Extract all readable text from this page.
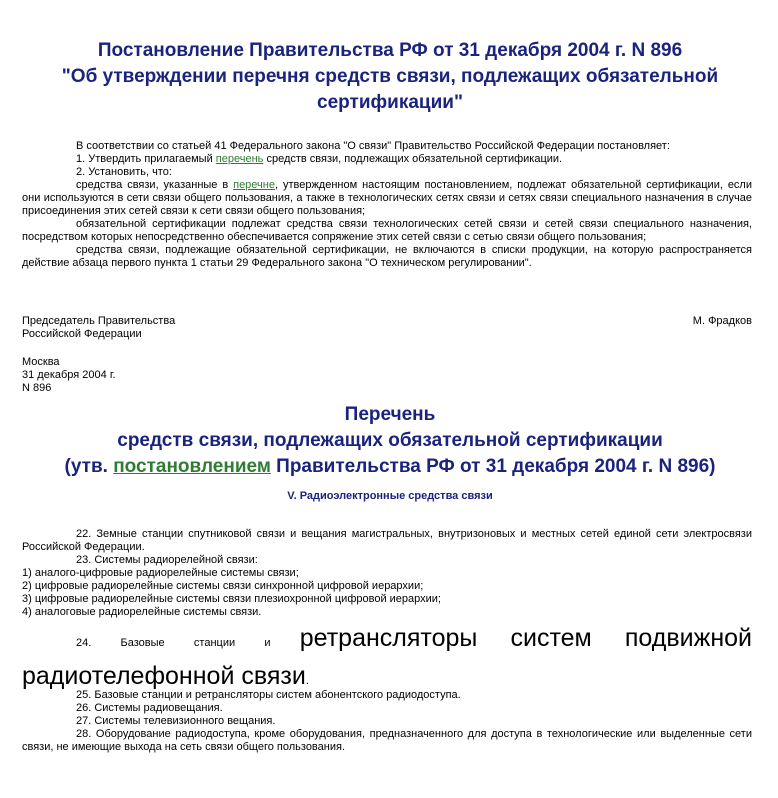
Постановление Правительства РФ от 31 декабря 2004 г. N 896
"Об утверждении перечня средств связи, подлежащих обязательной
сертификации"

В соответствии со статьей 41 Федерального закона "О связи" Правительство Российской Федерации постановляет:

1. Утвердить прилагаемый перечень средств связи, подлежащих обязательной сертификации.

2. Установить, что:

средства связи, указанные в перечне, утвержденном настоящим постановлением, подлежат обязательной сертификации, если они используются в сети связи общего пользования, а также в технологических сетях связи и сетях связи специального назначения в случае присоединения этих сетей связи к сети связи общего пользования;

обязательной сертификации подлежат средства связи технологических сетей связи и сетей связи специального назначения, посредством которых непосредственно обеспечивается сопряжение этих сетей связи с сетью связи общего пользования;

средства связи, подлежащие обязательной сертификации, не включаются в списки продукции, на которую распространяется действие абзаца первого пункта 1 статьи 29 Федерального закона "О техническом регулировании".

Председатель Правительства
Российской Федерации
М. Фрадков
Москва
31 декабря 2004 г.
N 896
Перечень
средств связи, подлежащих обязательной сертификации
(утв. постановлением Правительства РФ от 31 декабря 2004 г. N 896)
V. Радиоэлектронные средства связи

22. Земные станции спутниковой связи и вещания магистральных, внутризоновых и местных сетей единой сети электросвязи Российской Федерации.

23. Системы радиорелейной связи:

1) аналого-цифровые радиорелейные системы связи;

2) цифровые радиорелейные системы связи синхронной цифровой иерархии;

3) цифровые радиорелейные системы связи плезиохронной цифровой иерархии;

4) аналоговые радиорелейные системы связи.

24. Базовые станции и ретрансляторы систем подвижной
радиотелефонной связи.

25. Базовые станции и ретрансляторы систем абонентского радиодоступа.

26. Системы радиовещания.

27. Системы телевизионного вещания.

28. Оборудование радиодоступа, кроме оборудования, предназначенного для доступа в технологические или выделенные сети связи, не имеющие выхода на сеть связи общего пользования.
